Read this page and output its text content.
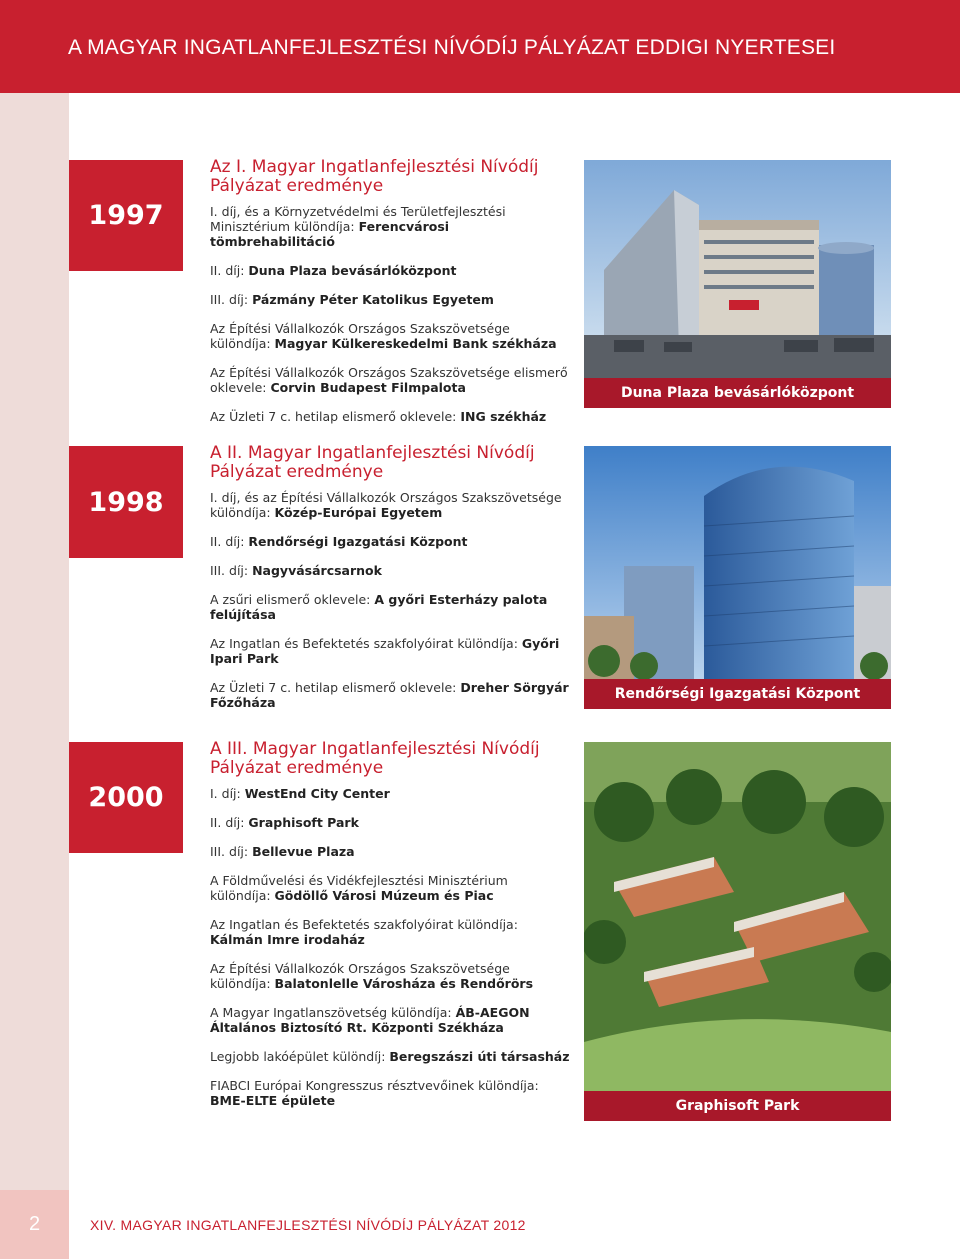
A MAGYAR INGATLANFEJLESZTÉSI NÍVÓDÍJ PÁLYÁZAT EDDIGI NYERTESEI
1997
Az I. Magyar Ingatlanfejlesztési Nívódíj Pályázat eredménye

I. díj, és a Környzetvédelmi és Területfejlesztési Minisztérium különdíja: Ferencvárosi tömbrehabilitáció

II. díj: Duna Plaza bevásárlóközpont

III. díj: Pázmány Péter Katolikus Egyetem

Az Építési Vállalkozók Országos Szakszövetsége különdíja: Magyar Külkereskedelmi Bank székháza

Az Építési Vállalkozók Országos Szakszövetsége elismerő oklevele: Corvin Budapest Filmpalota

Az Üzleti 7 c. hetilap elismerő oklevele: ING székház

Duna Plaza bevásárlóközpont
1998
A II. Magyar Ingatlanfejlesztési Nívódíj Pályázat eredménye

I. díj, és az Építési Vállalkozók Országos Szakszövetsége különdíja: Közép-Európai Egyetem

II. díj: Rendőrségi Igazgatási Központ

III. díj: Nagyvásárcsarnok

A zsűri elismerő oklevele: A győri Esterházy palota felújítása

Az Ingatlan és Befektetés szakfolyóirat különdíja: Győri Ipari Park

Az Üzleti 7 c. hetilap elismerő oklevele: Dreher Sörgyár Főzőháza

Rendőrségi Igazgatási Központ
2000
A III. Magyar Ingatlanfejlesztési Nívódíj Pályázat eredménye

I. díj: WestEnd City Center

II. díj: Graphisoft Park

III. díj: Bellevue Plaza

A Földművelési és Vidékfejlesztési Minisztérium különdíja: Gödöllő Városi Múzeum és Piac

Az Ingatlan és Befektetés szakfolyóirat különdíja: Kálmán Imre irodaház

Az Építési Vállalkozók Országos Szakszövetsége különdíja: Balatonlelle Városháza és Rendőrörs

A Magyar Ingatlanszövetség különdíja: ÁB-AEGON Általános Biztosító Rt. Központi Székháza

Legjobb lakóépület különdíj: Beregszászi úti társasház

FIABCI Európai Kongresszus résztvevőinek különdíja: BME-ELTE épülete	Graphisoft Park
2	XIV. MAGYAR INGATLANFEJLESZTÉSI NÍVÓDÍJ PÁLYÁZAT 2012
